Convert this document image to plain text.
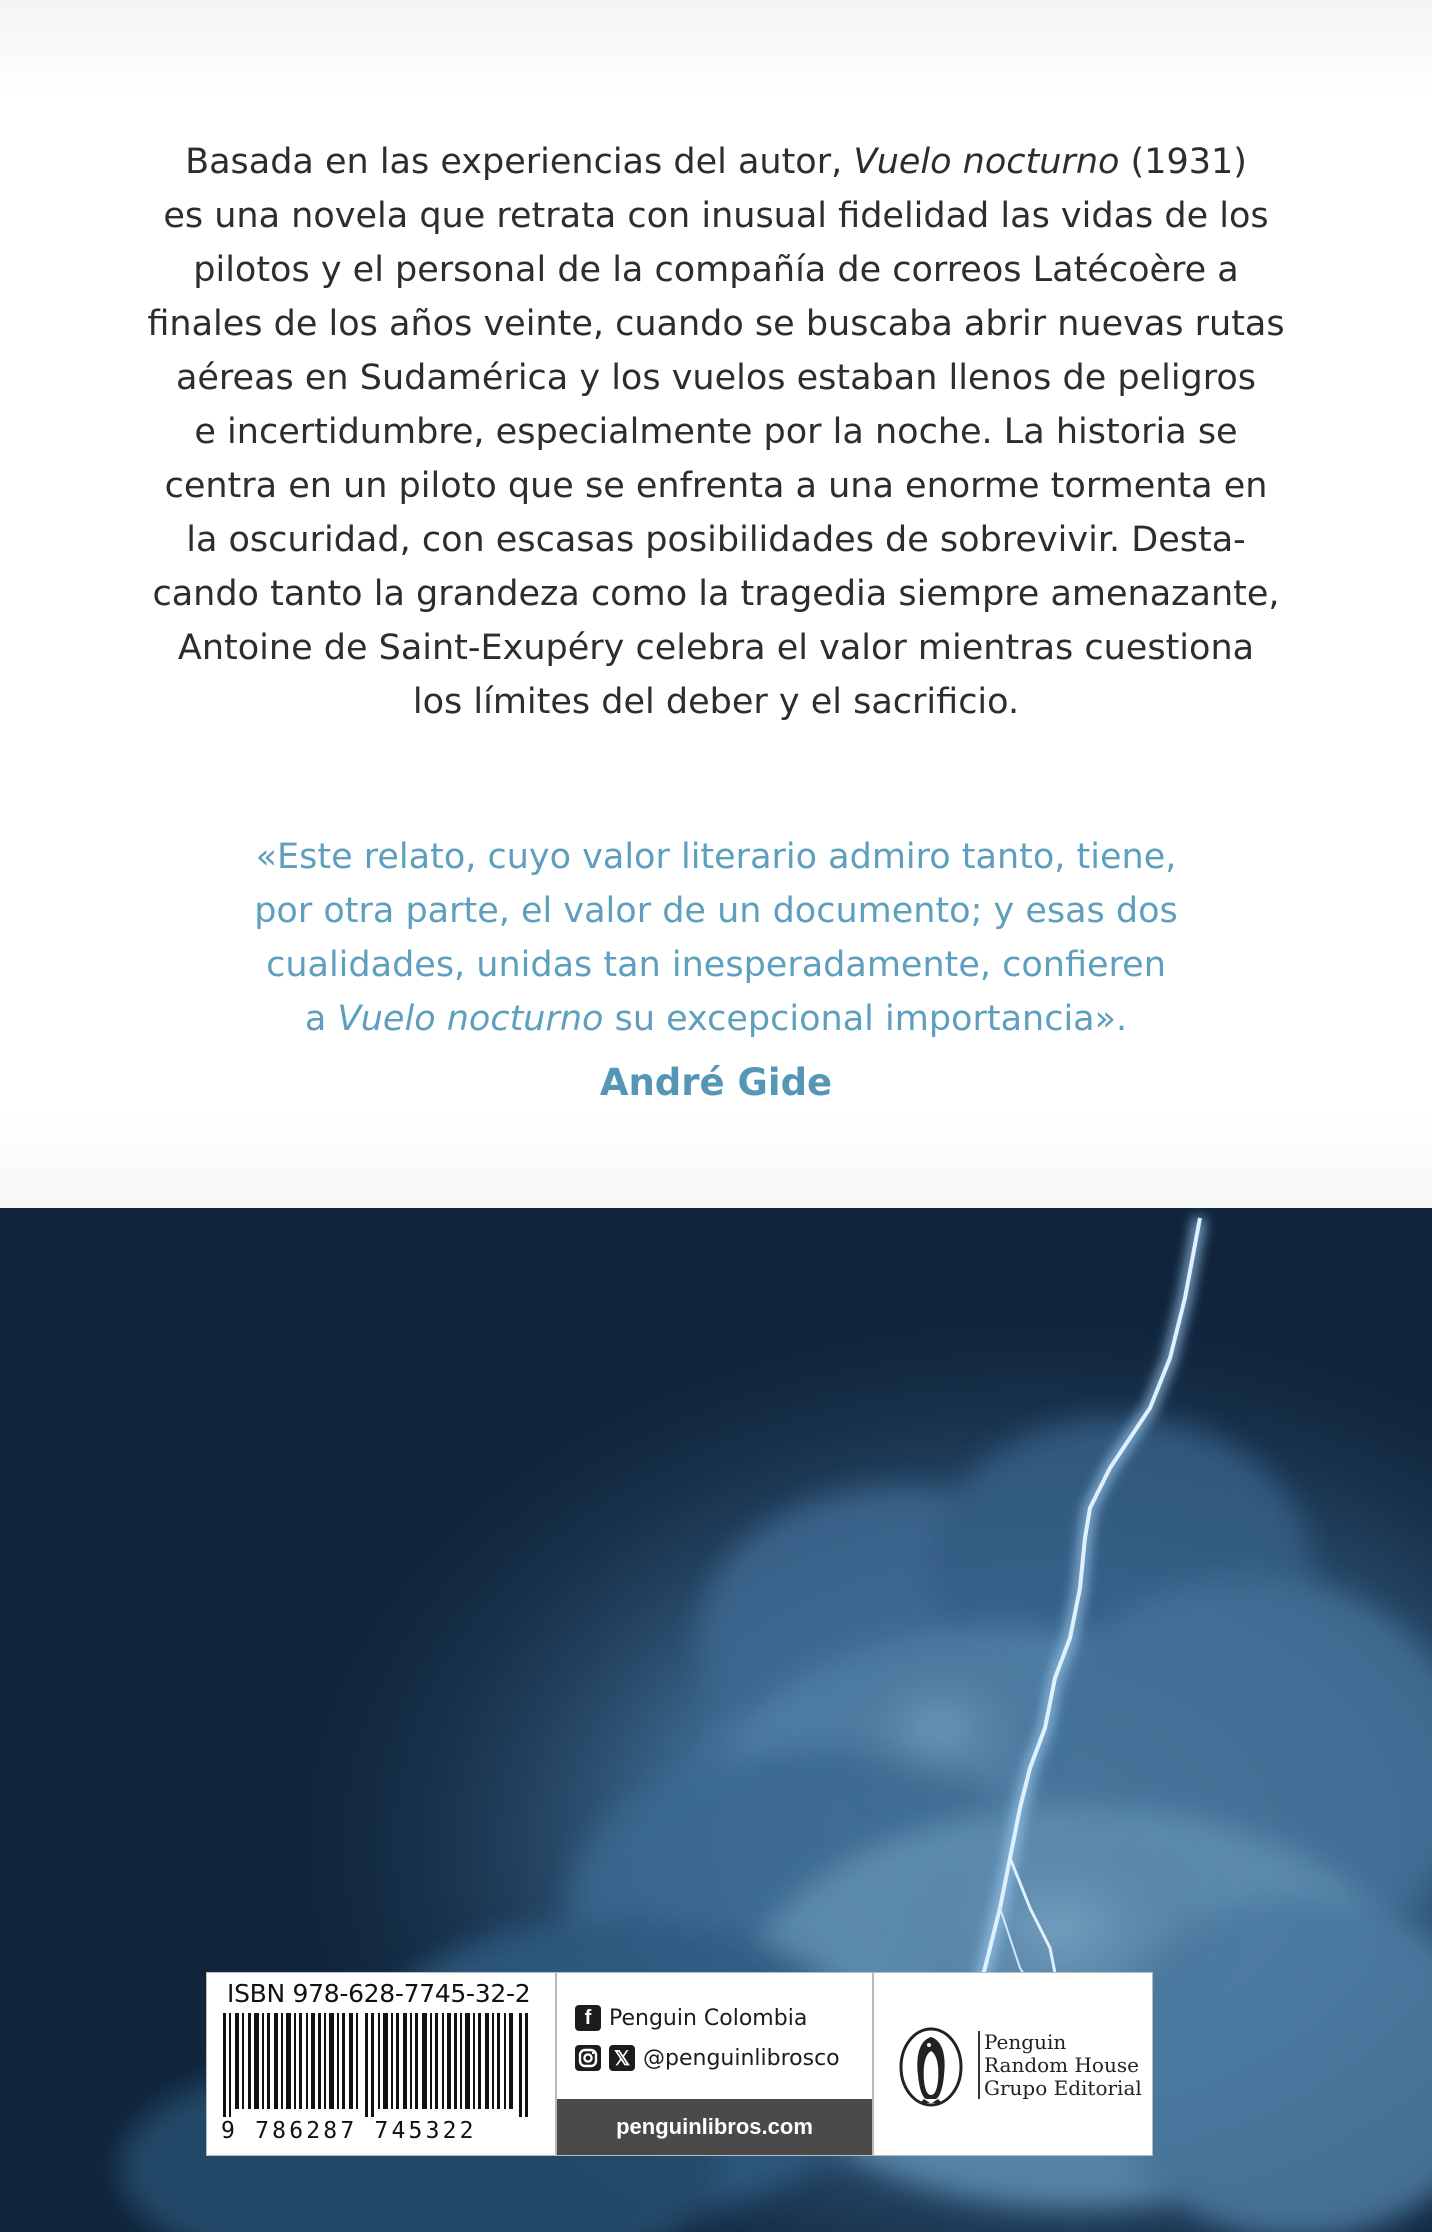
Basada en las experiencias del autor, Vuelo nocturno (1931)
es una novela que retrata con inusual fidelidad las vidas de los
pilotos y el personal de la compañía de correos Latécoère a
finales de los años veinte, cuando se buscaba abrir nuevas rutas
aéreas en Sudamérica y los vuelos estaban llenos de peligros
e incertidumbre, especialmente por la noche. La historia se
centra en un piloto que se enfrenta a una enorme tormenta en
la oscuridad, con escasas posibilidades de sobrevivir. Desta-
cando tanto la grandeza como la tragedia siempre amenazante,
Antoine de Saint-Exupéry celebra el valor mientras cuestiona
los límites del deber y el sacrificio.

«Este relato, cuyo valor literario admiro tanto, tiene,
por otra parte, el valor de un documento; y esas dos
cualidades, unidas tan inesperadamente, confieren
a Vuelo nocturno su excepcional importancia».

André Gide
ISBN 978-628-7745-32-2
9 786287 745322
f Penguin Colombia
𝕏 @penguinlibrosco
penguinlibros.com
Penguin
Random House
Grupo Editorial
